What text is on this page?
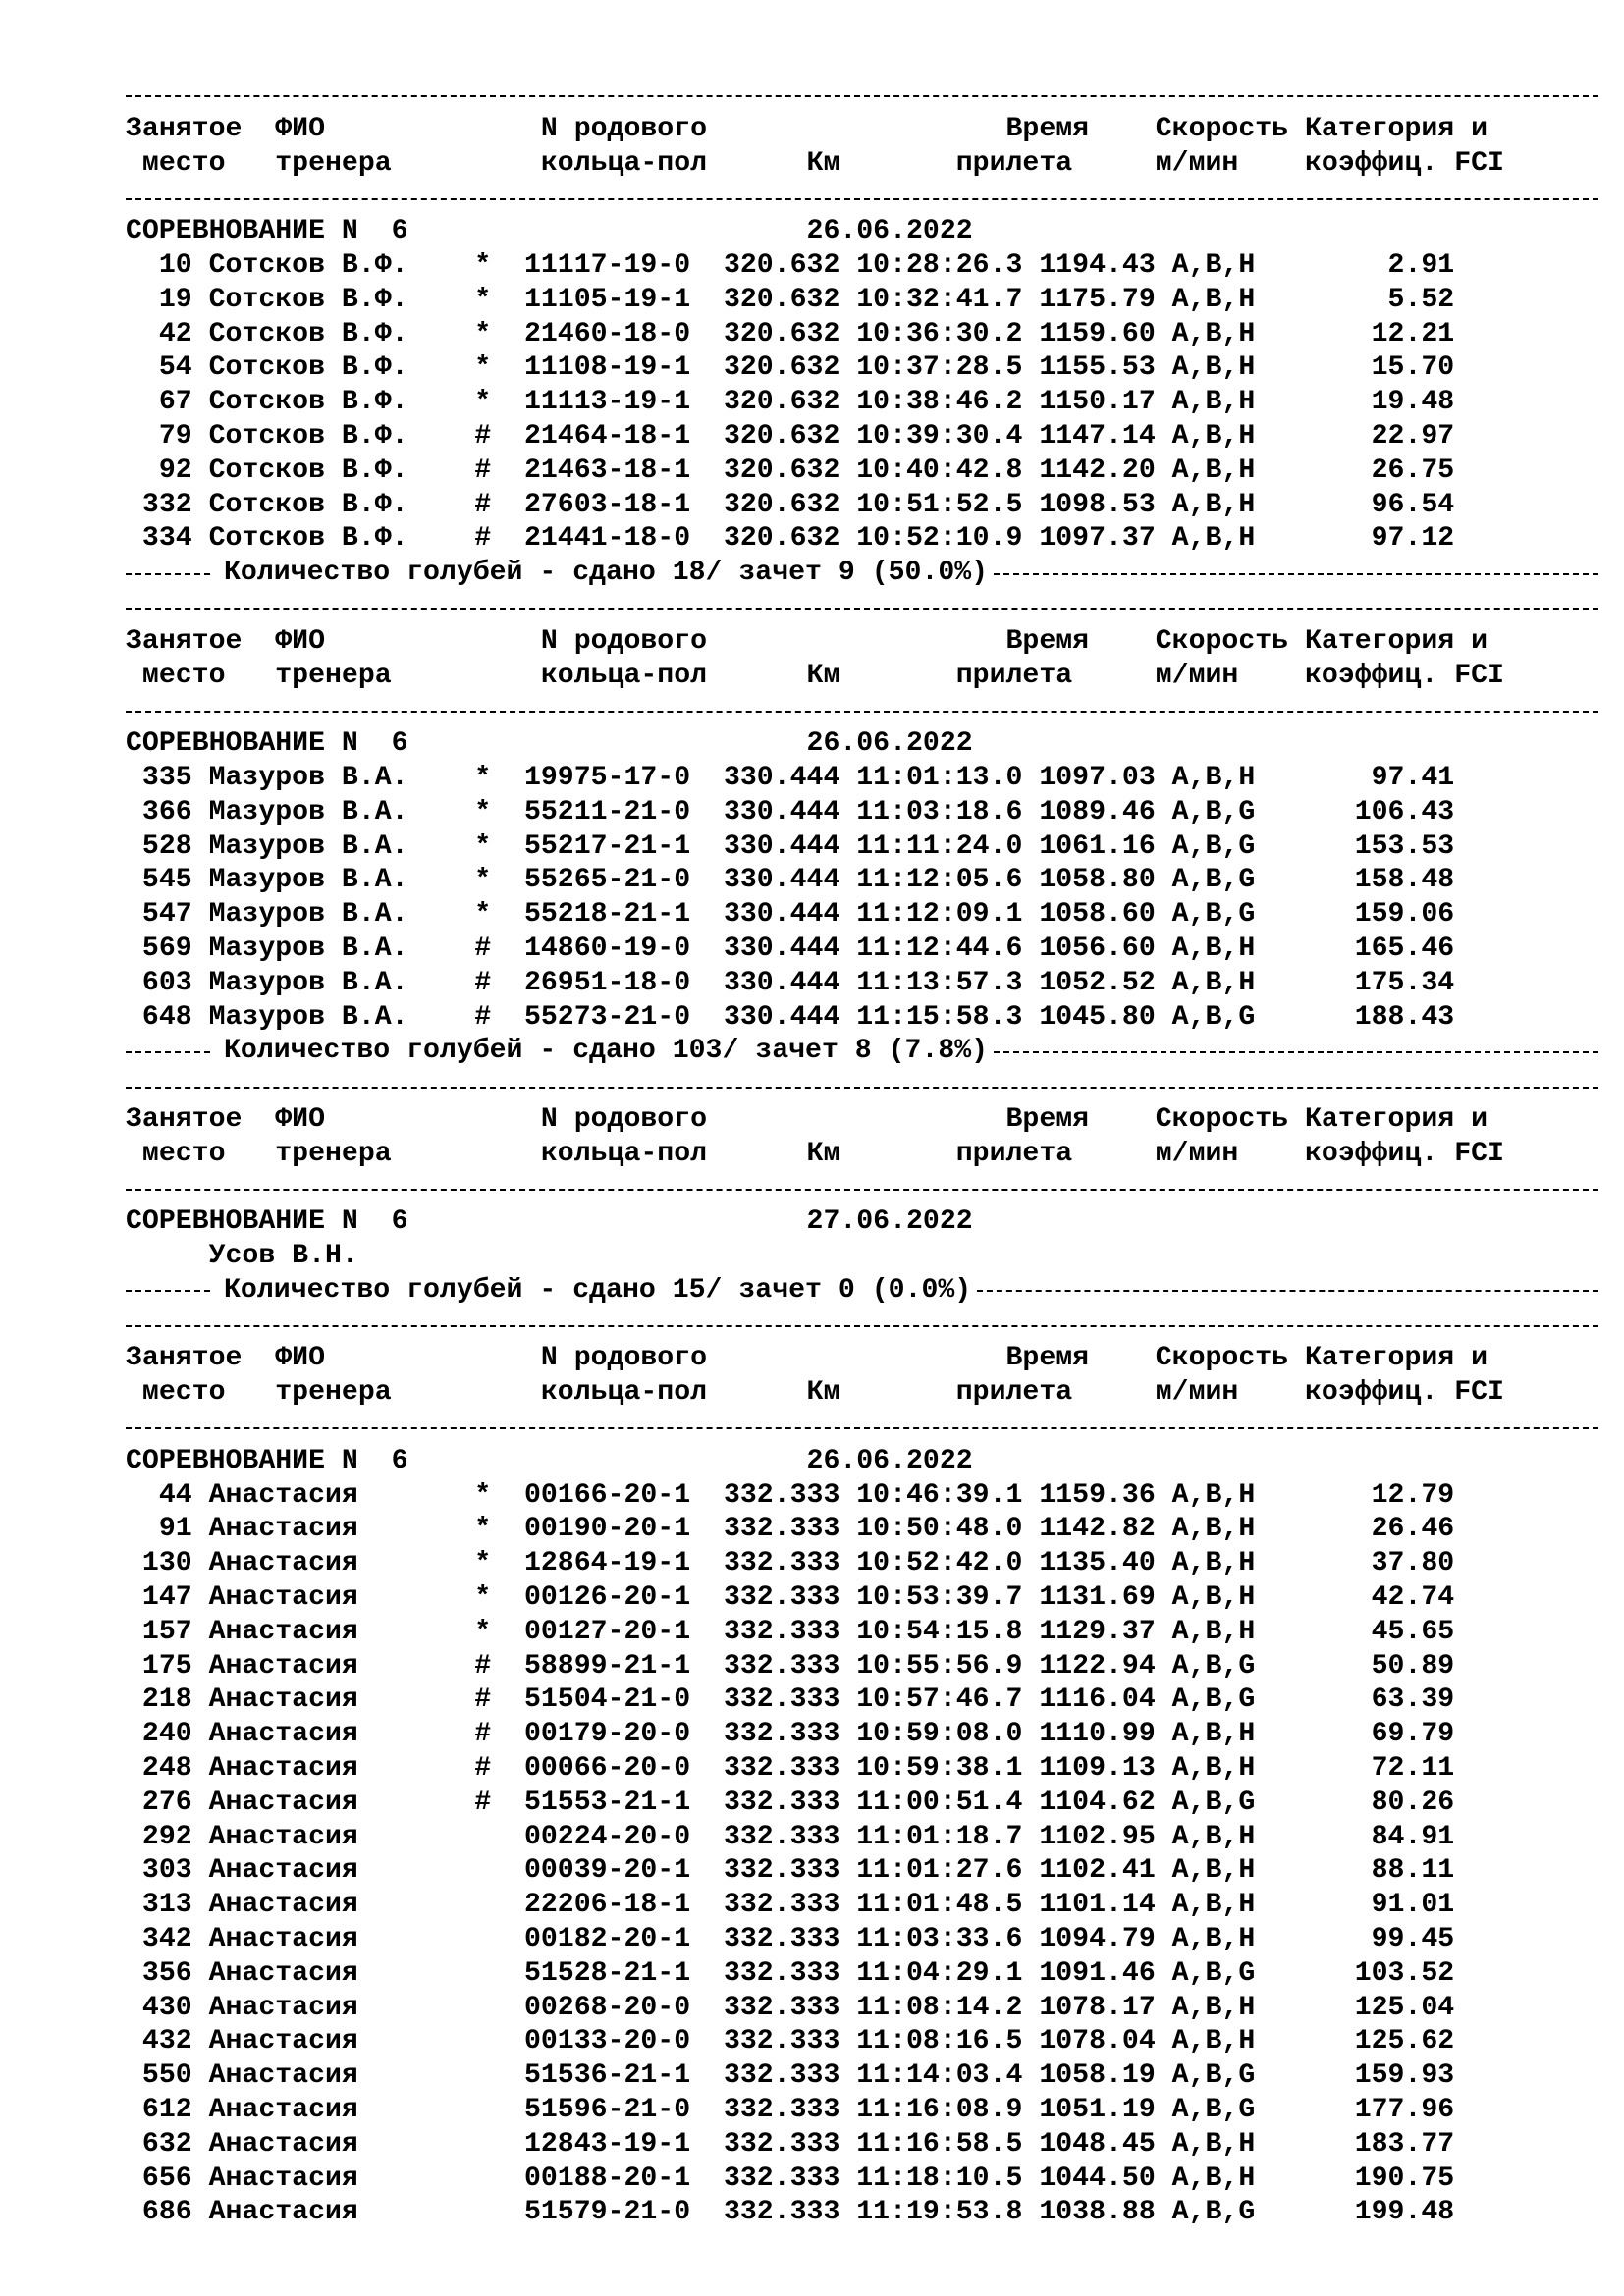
Занятое  ФИО             N родового                  Время    Скорость Категория и
место   тренера         кольца-пол      Км       прилета     м/мин    коэффиц. FCI
СОРЕВНОВАНИЕ N  6                        26.06.2022
10 Сотсков В.Ф.    *  11117-19-0  320.632 10:28:26.3 1194.43 A,B,H        2.91
19 Сотсков В.Ф.    *  11105-19-1  320.632 10:32:41.7 1175.79 A,B,H        5.52
42 Сотсков В.Ф.    *  21460-18-0  320.632 10:36:30.2 1159.60 A,B,H       12.21
54 Сотсков В.Ф.    *  11108-19-1  320.632 10:37:28.5 1155.53 A,B,H       15.70
67 Сотсков В.Ф.    *  11113-19-1  320.632 10:38:46.2 1150.17 A,B,H       19.48
79 Сотсков В.Ф.    #  21464-18-1  320.632 10:39:30.4 1147.14 A,B,H       22.97
92 Сотсков В.Ф.    #  21463-18-1  320.632 10:40:42.8 1142.20 A,B,H       26.75
332 Сотсков В.Ф.    #  27603-18-1  320.632 10:51:52.5 1098.53 A,B,H       96.54
334 Сотсков В.Ф.    #  21441-18-0  320.632 10:52:10.9 1097.37 A,B,H       97.12
Количество голубей - сдано 18/ зачет 9 (50.0%)
Занятое  ФИО             N родового                  Время    Скорость Категория и
место   тренера         кольца-пол      Км       прилета     м/мин    коэффиц. FCI
СОРЕВНОВАНИЕ N  6                        26.06.2022
335 Мазуров В.А.    *  19975-17-0  330.444 11:01:13.0 1097.03 A,B,H       97.41
366 Мазуров В.А.    *  55211-21-0  330.444 11:03:18.6 1089.46 A,B,G      106.43
528 Мазуров В.А.    *  55217-21-1  330.444 11:11:24.0 1061.16 A,B,G      153.53
545 Мазуров В.А.    *  55265-21-0  330.444 11:12:05.6 1058.80 A,B,G      158.48
547 Мазуров В.А.    *  55218-21-1  330.444 11:12:09.1 1058.60 A,B,G      159.06
569 Мазуров В.А.    #  14860-19-0  330.444 11:12:44.6 1056.60 A,B,H      165.46
603 Мазуров В.А.    #  26951-18-0  330.444 11:13:57.3 1052.52 A,B,H      175.34
648 Мазуров В.А.    #  55273-21-0  330.444 11:15:58.3 1045.80 A,B,G      188.43
Количество голубей - сдано 103/ зачет 8 (7.8%)
Занятое  ФИО             N родового                  Время    Скорость Категория и
место   тренера         кольца-пол      Км       прилета     м/мин    коэффиц. FCI
СОРЕВНОВАНИЕ N  6                        27.06.2022
Усов В.Н.
Количество голубей - сдано 15/ зачет 0 (0.0%)
Занятое  ФИО             N родового                  Время    Скорость Категория и
место   тренера         кольца-пол      Км       прилета     м/мин    коэффиц. FCI
СОРЕВНОВАНИЕ N  6                        26.06.2022
44 Анастасия       *  00166-20-1  332.333 10:46:39.1 1159.36 A,B,H       12.79
91 Анастасия       *  00190-20-1  332.333 10:50:48.0 1142.82 A,B,H       26.46
130 Анастасия       *  12864-19-1  332.333 10:52:42.0 1135.40 A,B,H       37.80
147 Анастасия       *  00126-20-1  332.333 10:53:39.7 1131.69 A,B,H       42.74
157 Анастасия       *  00127-20-1  332.333 10:54:15.8 1129.37 A,B,H       45.65
175 Анастасия       #  58899-21-1  332.333 10:55:56.9 1122.94 A,B,G       50.89
218 Анастасия       #  51504-21-0  332.333 10:57:46.7 1116.04 A,B,G       63.39
240 Анастасия       #  00179-20-0  332.333 10:59:08.0 1110.99 A,B,H       69.79
248 Анастасия       #  00066-20-0  332.333 10:59:38.1 1109.13 A,B,H       72.11
276 Анастасия       #  51553-21-1  332.333 11:00:51.4 1104.62 A,B,G       80.26
292 Анастасия          00224-20-0  332.333 11:01:18.7 1102.95 A,B,H       84.91
303 Анастасия          00039-20-1  332.333 11:01:27.6 1102.41 A,B,H       88.11
313 Анастасия          22206-18-1  332.333 11:01:48.5 1101.14 A,B,H       91.01
342 Анастасия          00182-20-1  332.333 11:03:33.6 1094.79 A,B,H       99.45
356 Анастасия          51528-21-1  332.333 11:04:29.1 1091.46 A,B,G      103.52
430 Анастасия          00268-20-0  332.333 11:08:14.2 1078.17 A,B,H      125.04
432 Анастасия          00133-20-0  332.333 11:08:16.5 1078.04 A,B,H      125.62
550 Анастасия          51536-21-1  332.333 11:14:03.4 1058.19 A,B,G      159.93
612 Анастасия          51596-21-0  332.333 11:16:08.9 1051.19 A,B,G      177.96
632 Анастасия          12843-19-1  332.333 11:16:58.5 1048.45 A,B,H      183.77
656 Анастасия          00188-20-1  332.333 11:18:10.5 1044.50 A,B,H      190.75
686 Анастасия          51579-21-0  332.333 11:19:53.8 1038.88 A,B,G      199.48
